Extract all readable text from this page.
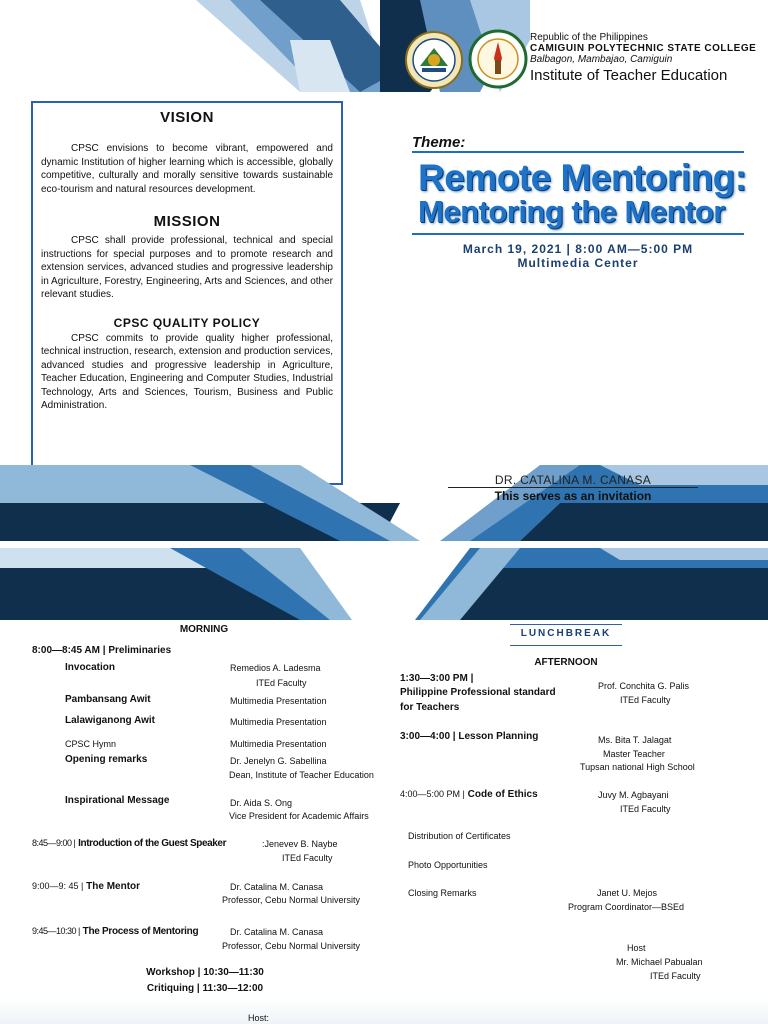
Republic of the Philippines
CAMIGUIN POLYTECHNIC STATE COLLEGE
Balbagon, Mambajao, Camiguin
Institute of Teacher Education
VISION

CPSC envisions to become vibrant, empowered and dynamic Institution of higher learning which is accessible, globally competitive, culturally and morally sensitive towards sustainable eco-tourism and natural resources development.

MISSION

CPSC shall provide professional, technical and special instructions for special purposes and to promote research and extension services, advanced studies and progressive leadership in Agriculture, Forestry, Engineering, Arts and Sciences, and other relevant studies.

CPSC QUALITY POLICY

CPSC commits to provide quality higher professional, technical instruction, research, extension and production services, advanced studies and progressive leadership in Agriculture, Teacher Education, Engineering and Computer Studies, Industrial Technology, Arts and Sciences, Tourism, Business and Public Administration.

Theme:
Remote Mentoring:
Mentoring the Mentor
March 19, 2021 | 8:00 AM—5:00 PM
Multimedia Center
DR. CATALINA M. CANASA
This serves as an invitation
MORNING
8:00—8:45 AM | Preliminaries
Invocation	Remedios A. Ladesma
ITEd Faculty
Pambansang Awit	Multimedia Presentation
Lalawiganong Awit	Multimedia Presentation
CPSC Hymn	Multimedia Presentation
Opening remarks	Dr. Jenelyn G. Sabellina
Dean, Institute of Teacher Education
Inspirational Message	Dr. Aida S. Ong
Vice President for Academic Affairs
8:45—9:00 | Introduction of the Guest Speaker	:Jenevev B. Naybe
ITEd Faculty
9:00—9: 45 | The Mentor	Dr. Catalina M. Canasa
Professor, Cebu Normal University
9:45—10:30 | The Process of Mentoring	Dr. Catalina M. Canasa
Professor, Cebu Normal University
Workshop | 10:30—11:30
Critiquing | 11:30—12:00
Host:
LUNCHBREAK
AFTERNOON
1:30—3:00 PM |
Philippine Professional standard
for Teachers
Prof. Conchita G. Palis
ITEd Faculty
3:00—4:00 | Lesson Planning	Ms. Bita T. Jalagat
Master Teacher
Tupsan national High School
4:00—5:00 PM | Code of Ethics	Juvy M. Agbayani
ITEd Faculty
Distribution of Certificates
Photo Opportunities
Closing Remarks	Janet U. Mejos
Program Coordinator—BSEd
Host
Mr. Michael Pabualan
ITEd Faculty
